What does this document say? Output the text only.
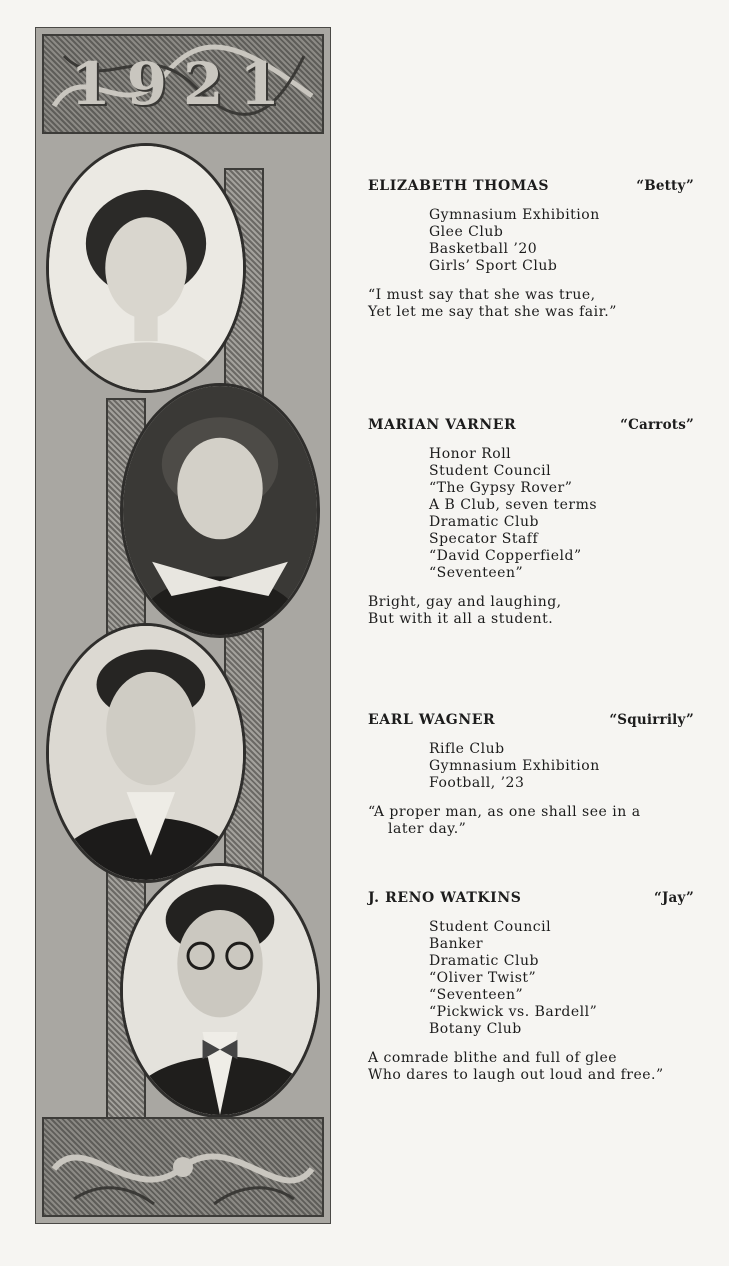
1921
ELIZABETH THOMAS	“Betty”
Gymnasium Exhibition
Glee Club
Basketball ’20
Girls’ Sport Club

“I must say that she was true,
Yet let me say that she was fair.”

MARIAN VARNER	“Carrots”
Honor Roll
Student Council
“The Gypsy Rover”
A B Club, seven terms
Dramatic Club
Specator Staff
“David Copperfield”
“Seventeen”

Bright, gay and laughing,
But with it all a student.

EARL WAGNER	“Squirrily”
Rifle Club
Gymnasium Exhibition
Football, ’23

“A proper man, as one shall see in a
later day.”

J. RENO WATKINS	“Jay”
Student Council
Banker
Dramatic Club
“Oliver Twist”
“Seventeen”
“Pickwick vs. Bardell”
Botany Club

A comrade blithe and full of glee
Who dares to laugh out loud and free.”
